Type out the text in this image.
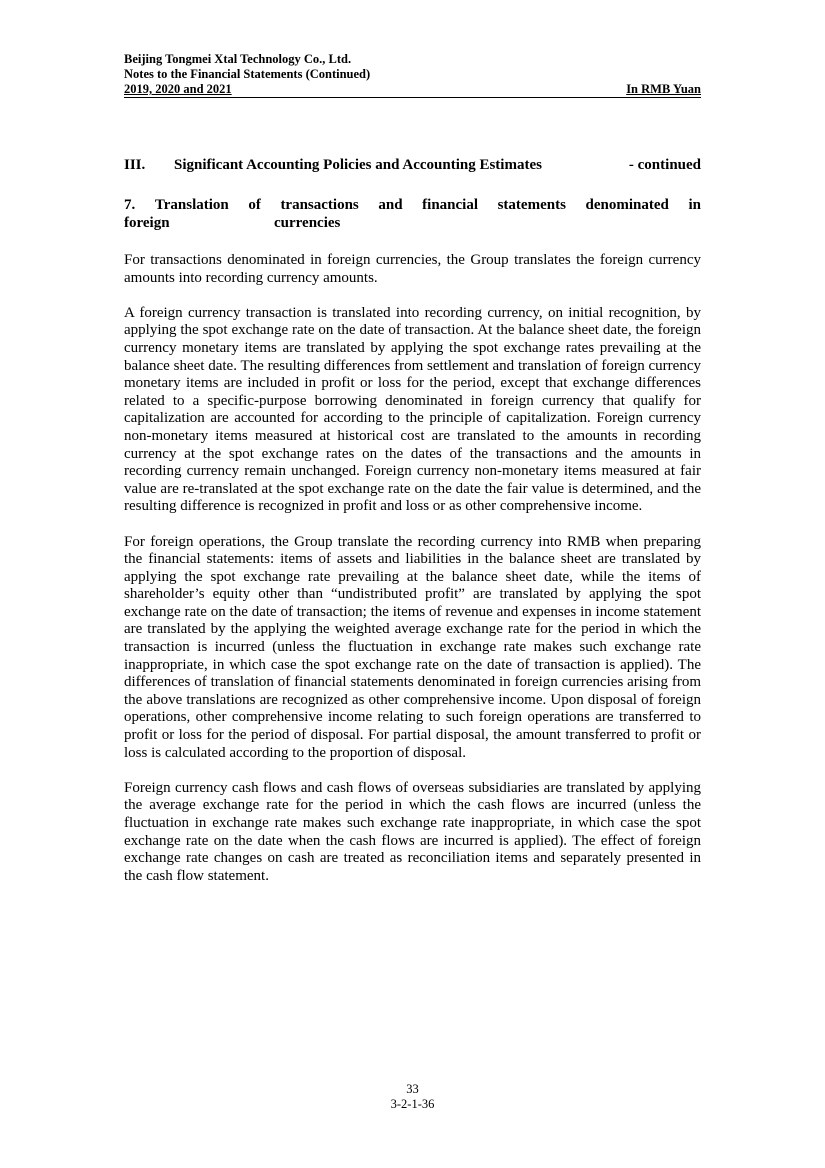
Beijing Tongmei Xtal Technology Co., Ltd.
Notes to the Financial Statements (Continued)
2019, 2020 and 2021	In RMB Yuan
III. Significant Accounting Policies and Accounting Estimates	- continued
7. Translation of transactions and financial statements denominated in
foreign	currencies

For transactions denominated in foreign currencies, the Group translates the foreign currency amounts into recording currency amounts.

A foreign currency transaction is translated into recording currency, on initial recognition, by applying the spot exchange rate on the date of transaction. At the balance sheet date, the foreign currency monetary items are translated by applying the spot exchange rates prevailing at the balance sheet date. The resulting differences from settlement and translation of foreign currency monetary items are included in profit or loss for the period, except that exchange differences related to a specific-purpose borrowing denominated in foreign currency that qualify for capitalization are accounted for according to the principle of capitalization. Foreign currency non-monetary items measured at historical cost are translated to the amounts in recording currency at the spot exchange rates on the dates of the transactions and the amounts in recording currency remain unchanged. Foreign currency non-monetary items measured at fair value are re-translated at the spot exchange rate on the date the fair value is determined, and the resulting difference is recognized in profit and loss or as other comprehensive income.

For foreign operations, the Group translate the recording currency into RMB when preparing the financial statements: items of assets and liabilities in the balance sheet are translated by applying the spot exchange rate prevailing at the balance sheet date, while the items of shareholder’s equity other than “undistributed profit” are translated by applying the spot exchange rate on the date of transaction; the items of revenue and expenses in income statement are translated by the applying the weighted average exchange rate for the period in which the transaction is incurred (unless the fluctuation in exchange rate makes such exchange rate inappropriate, in which case the spot exchange rate on the date of transaction is applied). The differences of translation of financial statements denominated in foreign currencies arising from the above translations are recognized as other comprehensive income. Upon disposal of foreign operations, other comprehensive income relating to such foreign operations are transferred to profit or loss for the period of disposal. For partial disposal, the amount transferred to profit or loss is calculated according to the proportion of disposal.

Foreign currency cash flows and cash flows of overseas subsidiaries are translated by applying the average exchange rate for the period in which the cash flows are incurred (unless the fluctuation in exchange rate makes such exchange rate inappropriate, in which case the spot exchange rate on the date when the cash flows are incurred is applied). The effect of foreign exchange rate changes on cash are treated as reconciliation items and separately presented in the cash flow statement.

33
3-2-1-36
